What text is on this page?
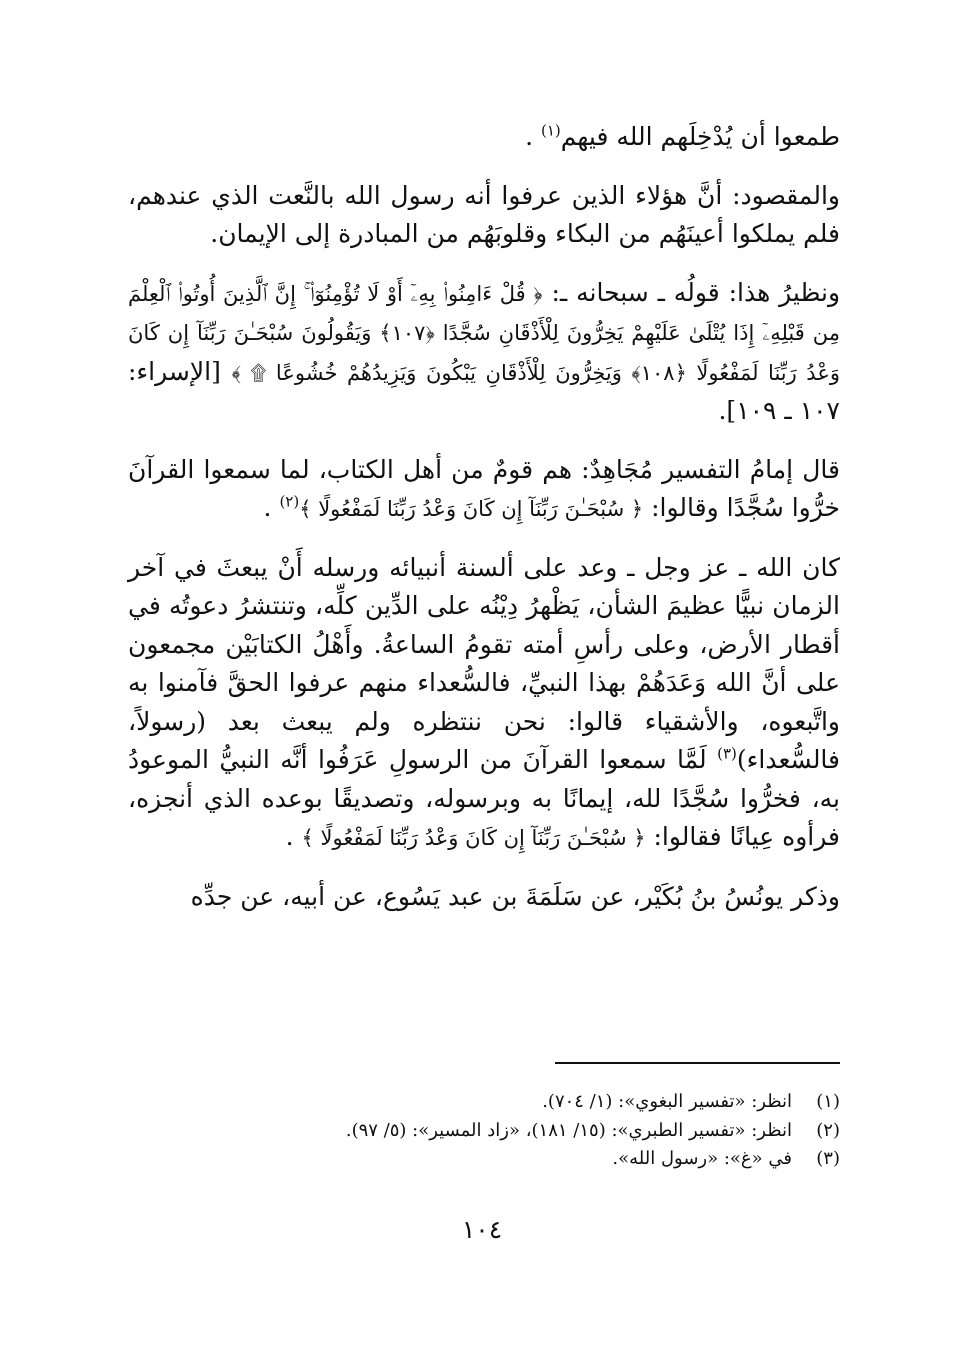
طمعوا أن يُدْخِلَهم الله فيهم$^{(١)}$ .

والمقصود: أنَّ هؤلاء الذين عرفوا أنه رسول الله بالنَّعت الذي عندهم، فلم يملكوا أعينَهُم من البكاء وقلوبَهُم من المبادرة إلى الإيمان.

ونظيرُ هذا: قولُه ـ سبحانه ـ: ﴿ قُلْ ءَامِنُوا۟ بِهِۦٓ أَوْ لَا تُؤْمِنُوٓا۟ ۚ إِنَّ ٱلَّذِينَ أُوتُوا۟ ٱلْعِلْمَ مِن قَبْلِهِۦٓ إِذَا يُتْلَىٰ عَلَيْهِمْ يَخِرُّونَ لِلْأَذْقَانِ سُجَّدًا ﴿١٠٧﴾ وَيَقُولُونَ سُبْحَـٰنَ رَبِّنَآ إِن كَانَ وَعْدُ رَبِّنَا لَمَفْعُولًا ﴿١٠٨﴾ وَيَخِرُّونَ لِلْأَذْقَانِ يَبْكُونَ وَيَزِيدُهُمْ خُشُوعًا ۩ ﴾ [الإسراء: ١٠٧ ـ ١٠٩].

قال إمامُ التفسير مُجَاهِدٌ: هم قومٌ من أهل الكتاب، لما سمعوا القرآنَ خرُّوا سُجَّدًا وقالوا: ﴿ سُبْحَـٰنَ رَبِّنَآ إِن كَانَ وَعْدُ رَبِّنَا لَمَفْعُولًا ﴾$^{(٢)}$ .

كان الله ـ عز وجل ـ وعد على ألسنة أنبيائه ورسله أَنْ يبعثَ في آخر الزمان نبيًّا عظيمَ الشأن، يَظْهرُ دِيْنُه على الدِّين كلِّه، وتنتشرُ دعوتُه في أقطار الأرض، وعلى رأسِ أمته تقومُ الساعةُ. وأَهْلُ الكتابَيْن مجمعون على أنَّ الله وَعَدَهُمْ بهذا النبيِّ، فالسُّعداء منهم عرفوا الحقَّ فآمنوا به واتَّبعوه، والأشقياء قالوا: نحن ننتظره ولم يبعث بعد (رسولاً، فالسُّعداء)$^{(٣)}$ لَمَّا سمعوا القرآنَ من الرسولِ عَرَفُوا أنَّه النبيُّ الموعودُ به، فخرُّوا سُجَّدًا لله، إيمانًا به وبرسوله، وتصديقًا بوعده الذي أنجزه، فرأوه عِيانًا فقالوا: ﴿ سُبْحَـٰنَ رَبِّنَآ إِن كَانَ وَعْدُ رَبِّنَا لَمَفْعُولًا ﴾ .

وذكر يونُسُ بنُ بُكَيْر، عن سَلَمَةَ بن عبد يَسُوع، عن أبيه، عن جدِّه

(١)
انظر: «تفسير البغوي»: (١/ ٧٠٤).
(٢)
انظر: «تفسير الطبري»: (١٥/ ١٨١)، «زاد المسير»: (٥/ ٩٧).
(٣)
في «غ»: «رسول الله».
١٠٤
